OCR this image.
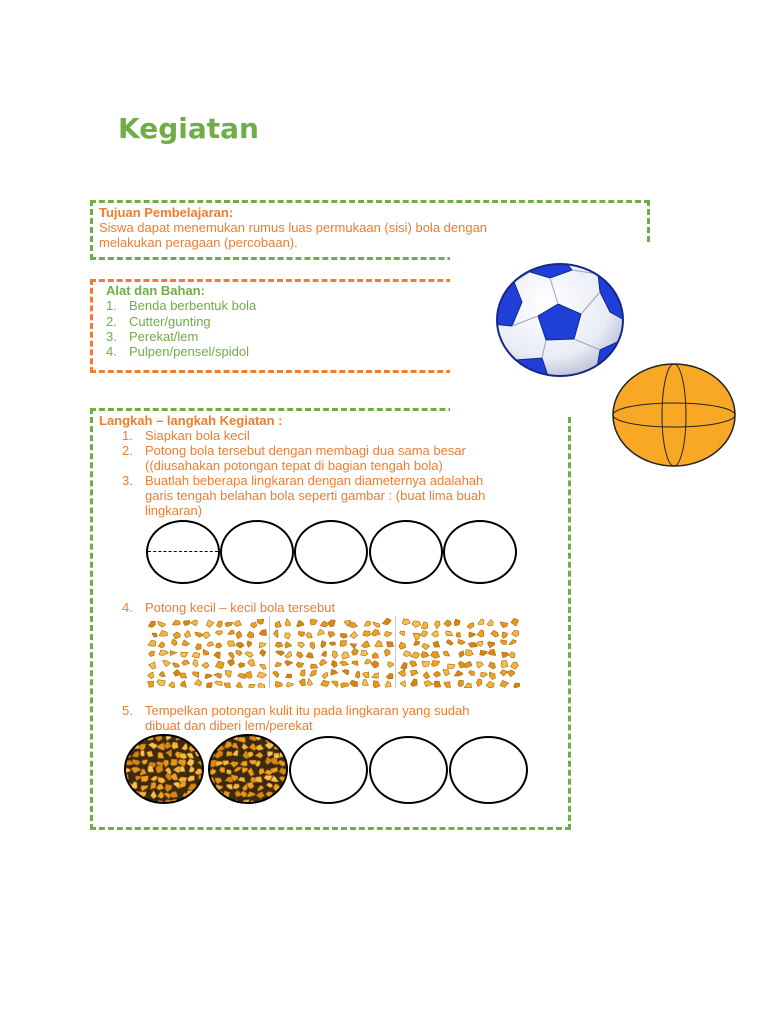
Kegiatan
Tujuan Pembelajaran:
Siswa dapat menemukan rumus luas permukaan (sisi) bola dengan
melakukan peragaan (percobaan).
Alat dan Bahan:
1. Benda berbentuk bola
2. Cutter/gunting
3. Perekat/lem
4. Pulpen/pensel/spidol
Langkah – langkah Kegiatan :
1. Siapkan bola kecil
2. Potong bola tersebut dengan membagi dua sama besar
((diusahakan potongan tepat di bagian tengah bola)
3. Buatlah beberapa lingkaran dengan diameternya adalahah
garis tengah belahan bola seperti gambar : (buat lima buah
lingkaran)
4. Potong kecil – kecil bola tersebut
5. Tempelkan potongan kulit itu pada lingkaran yang sudah
dibuat dan diberi lem/perekat
